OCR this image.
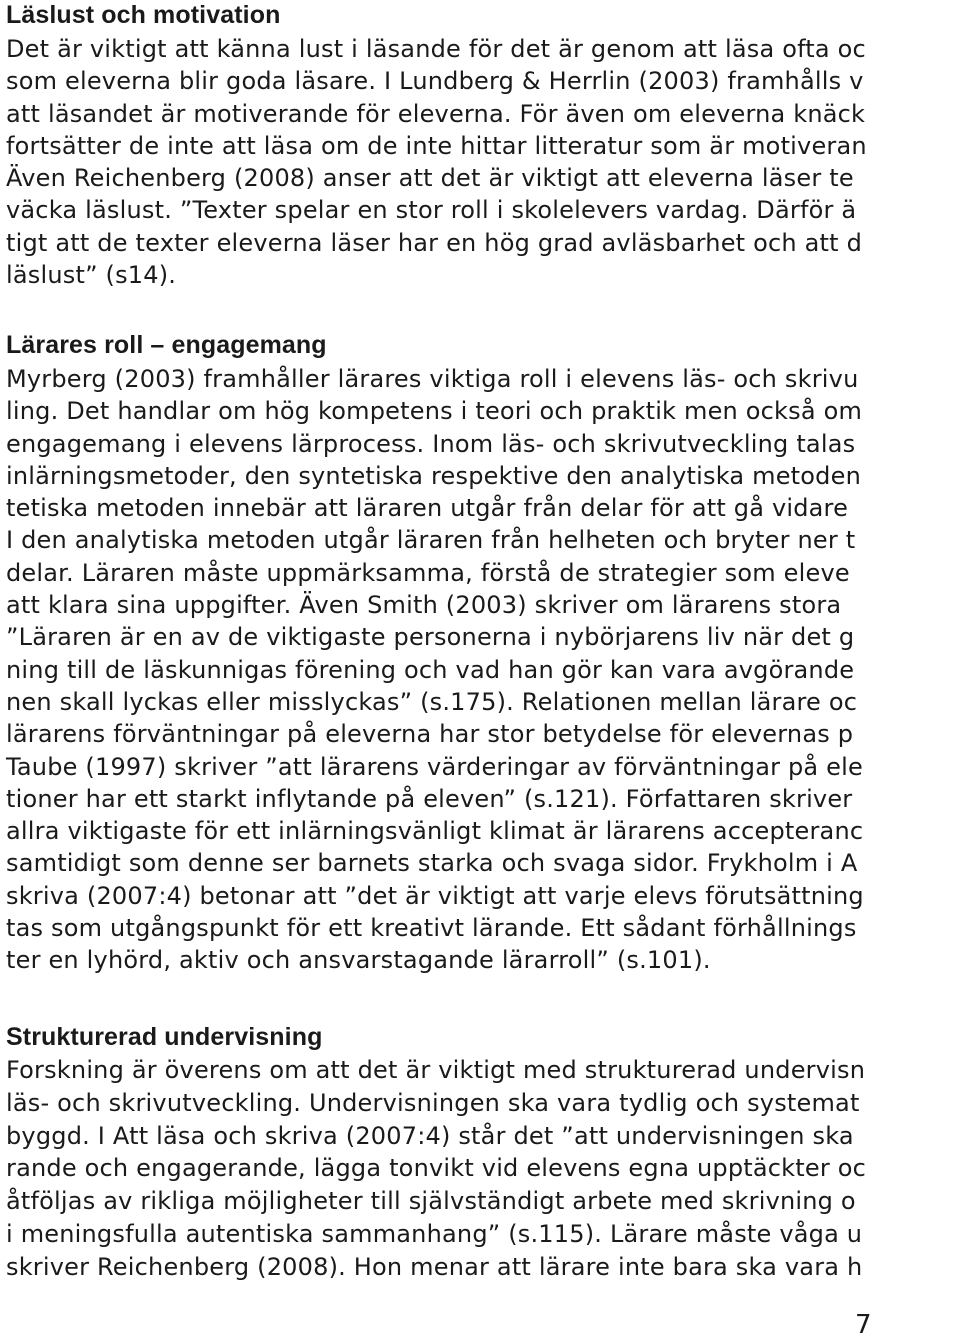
Läslust och motivation
Det är viktigt att känna lust i läsande för det är genom att läsa ofta oc
som eleverna blir goda läsare. I Lundberg & Herrlin (2003) framhålls v
att läsandet är motiverande för eleverna. För även om eleverna knäck
fortsätter de inte att läsa om de inte hittar litteratur som är motiveran
Även Reichenberg (2008) anser att det är viktigt att eleverna läser te
väcka läslust. ”Texter spelar en stor roll i skolelevers vardag. Därför ä
tigt att de texter eleverna läser har en hög grad avläsbarhet och att d
läslust” (s14).
Lärares roll – engagemang
Myrberg (2003) framhåller lärares viktiga roll i elevens läs- och skrivu
ling. Det handlar om hög kompetens i teori och praktik men också om
engagemang i elevens lärprocess. Inom läs- och skrivutveckling talas
inlärningsmetoder, den syntetiska respektive den analytiska metoden
tetiska metoden innebär att läraren utgår från delar för att gå vidare
I den analytiska metoden utgår läraren från helheten och bryter ner t
delar. Läraren måste uppmärksamma, förstå de strategier som eleve
att klara sina uppgifter. Även Smith (2003) skriver om lärarens stora
”Läraren är en av de viktigaste personerna i nybörjarens liv när det g
ning till de läskunnigas förening och vad han gör kan vara avgörande
nen skall lyckas eller misslyckas” (s.175). Relationen mellan lärare oc
lärarens förväntningar på eleverna har stor betydelse för elevernas p
Taube (1997) skriver ”att lärarens värderingar av förväntningar på ele
tioner har ett starkt inflytande på eleven” (s.121). Författaren skriver
allra viktigaste för ett inlärningsvänligt klimat är lärarens accepteranc
samtidigt som denne ser barnets starka och svaga sidor. Frykholm i A
skriva (2007:4) betonar att ”det är viktigt att varje elevs förutsättning
tas som utgångspunkt för ett kreativt lärande. Ett sådant förhållnings
ter en lyhörd, aktiv och ansvarstagande lärarroll” (s.101).
Strukturerad undervisning
Forskning är överens om att det är viktigt med strukturerad undervisn
läs- och skrivutveckling. Undervisningen ska vara tydlig och systemat
byggd. I Att läsa och skriva (2007:4) står det ”att undervisningen ska
rande och engagerande, lägga tonvikt vid elevens egna upptäckter oc
åtföljas av rikliga möjligheter till självständigt arbete med skrivning o
i meningsfulla autentiska sammanhang” (s.115). Lärare måste våga u
skriver Reichenberg (2008). Hon menar att lärare inte bara ska vara h
7
